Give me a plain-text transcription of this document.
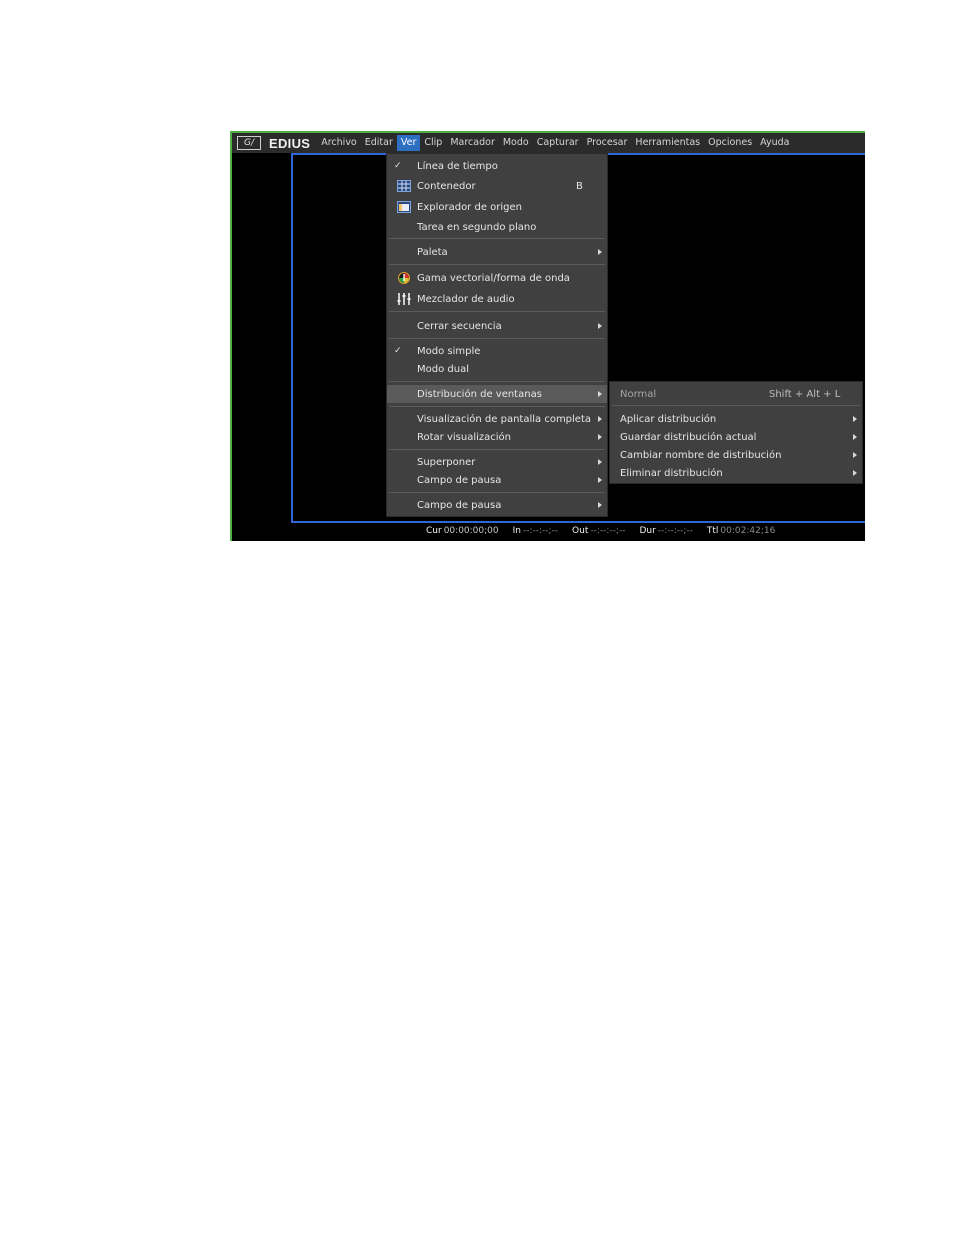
G/	EDIUS	Archivo Editar Ver Clip Marcador Modo Capturar Procesar Herramientas Opciones Ayuda
Cur 00:00:00;00 In --:--:--;-- Out --:--:--;-- Dur --:--:--;-- Ttl 00:02:42;16
✓ Línea de tiempo
Contenedor	B
Explorador de origen
Tarea en segundo plano
Paleta
Gama vectorial/forma de onda
Mezclador de audio
Cerrar secuencia
✓ Modo simple
Modo dual
Distribución de ventanas
Visualización de pantalla completa
Rotar visualización
Superponer
Campo de pausa
Campo de pausa
Normal	Shift + Alt + L
Aplicar distribución
Guardar distribución actual
Cambiar nombre de distribución
Eliminar distribución
